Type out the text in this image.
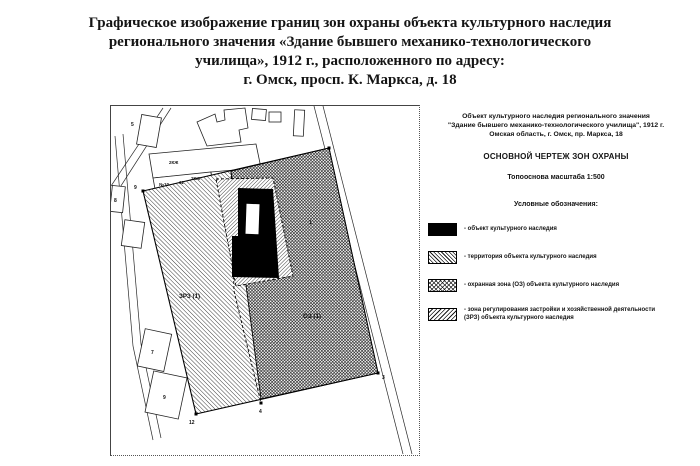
Графическое изображение границ зон охраны объекта культурного наследия
регионального значения «Здание бывшего механико-технологического
училища», 1912 г., расположенного по адресу:
г. Омск, просп. К. Маркса, д. 18
5
2КЖ
№10 11
2КЖ
8
7
9
ЗРЗ (1)
ОЗ (1)
1
9
12
4
3
Объект культурного наследия регионального значения
"Здание бывшего механико-технологического училища", 1912 г.
Омская область, г. Омск, пр. Маркса, 18
ОСНОВНОЙ ЧЕРТЕЖ ЗОН ОХРАНЫ
Топооснова масштаба 1:500
Условные обозначения:
- объект культурного наследия
- территория объекта культурного наследия
- охранная зона (ОЗ) объекта культурного наследия
- зона регулирования застройки и хозяйственной деятельности (ЗРЗ) объекта культурного наследия
